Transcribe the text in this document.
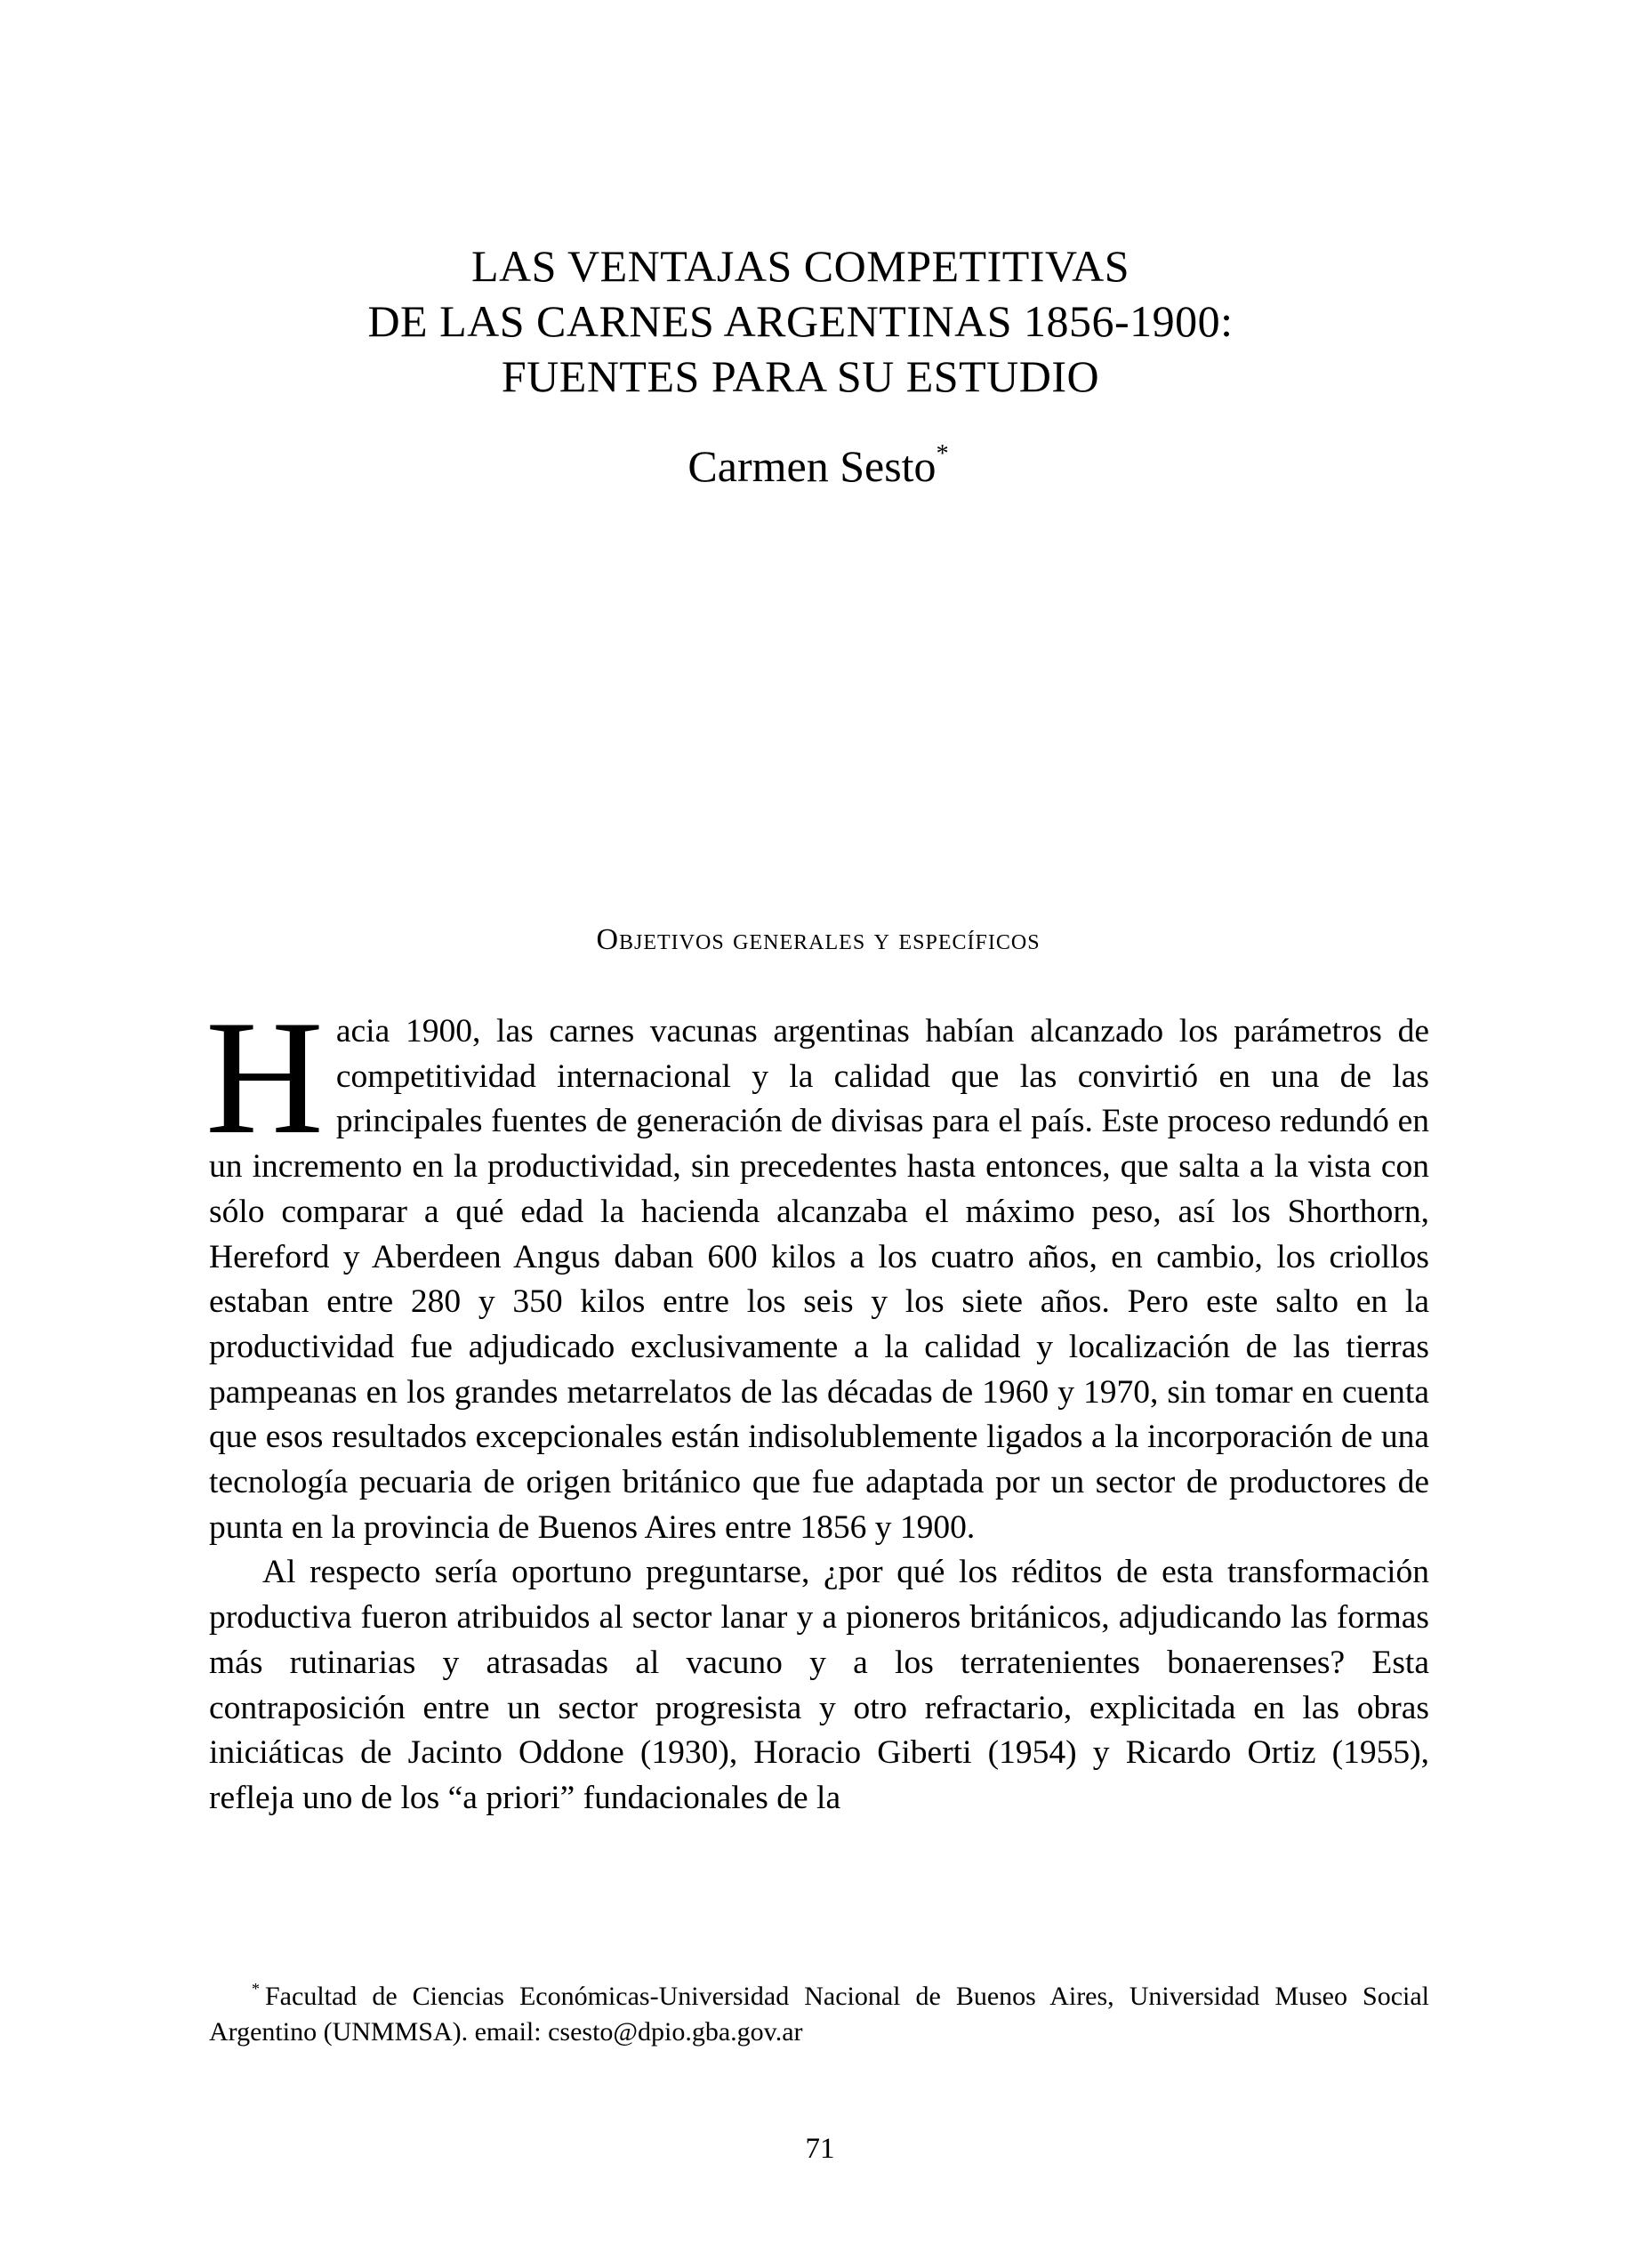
LAS VENTAJAS COMPETITIVAS
DE LAS CARNES ARGENTINAS 1856-1900:
FUENTES PARA SU ESTUDIO
Carmen Sesto*
Objetivos generales y específicos

Hacia 1900, las carnes vacunas argentinas habían alcanzado los parámetros de competitividad internacional y la calidad que las convirtió en una de las principales fuentes de generación de divisas para el país. Este proceso redundó en un incremento en la productividad, sin precedentes hasta entonces, que salta a la vista con sólo comparar a qué edad la hacienda alcanzaba el máximo peso, así los Shorthorn, Hereford y Aberdeen Angus daban 600 kilos a los cuatro años, en cambio, los criollos estaban entre 280 y 350 kilos entre los seis y los siete años. Pero este salto en la productividad fue adjudicado exclusivamente a la calidad y localización de las tierras pampeanas en los grandes metarrelatos de las décadas de 1960 y 1970, sin tomar en cuenta que esos resultados excepcionales están indisolublemente ligados a la incorporación de una tecnología pecuaria de origen británico que fue adaptada por un sector de productores de punta en la provincia de Buenos Aires entre 1856 y 1900.

Al respecto sería oportuno preguntarse, ¿por qué los réditos de esta transformación productiva fueron atribuidos al sector lanar y a pioneros británicos, adjudicando las formas más rutinarias y atrasadas al vacuno y a los terratenientes bonaerenses? Esta contraposición entre un sector progresista y otro refractario, explicitada en las obras iniciáticas de Jacinto Oddone (1930), Horacio Giberti (1954) y Ricardo Ortiz (1955), refleja uno de los “a priori” fundacionales de la

* Facultad de Ciencias Económicas-Universidad Nacional de Buenos Aires, Universidad Museo Social Argentino (UNMMSA). email: csesto@dpio.gba.gov.ar
71
